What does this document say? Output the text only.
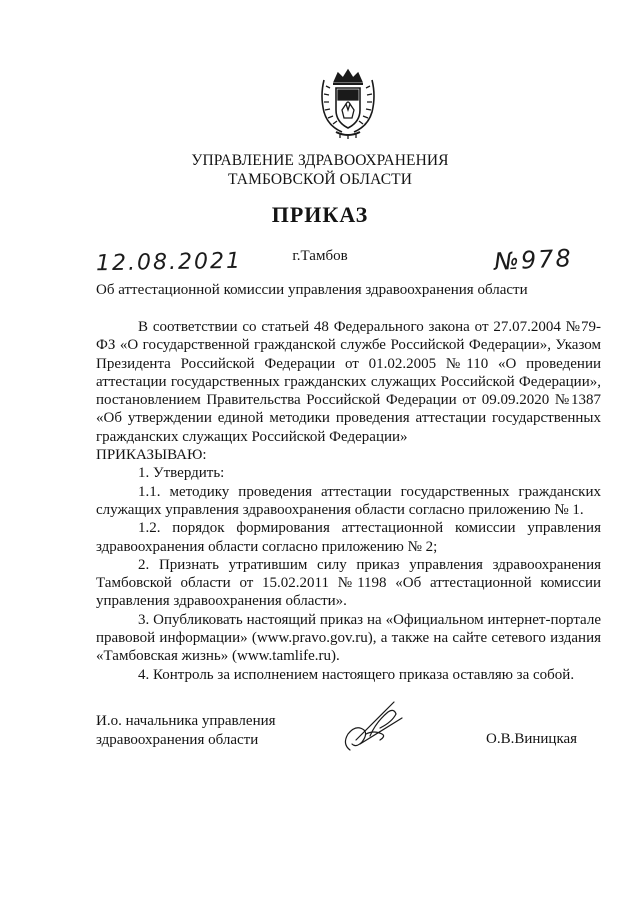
УПРАВЛЕНИЕ ЗДРАВООХРАНЕНИЯ
ТАМБОВСКОЙ ОБЛАСТИ
ПРИКАЗ
12.08.2021	г.Тамбов	№978
Об аттестационной комиссии управления здравоохранения области

В соответствии со статьей 48 Федерального закона от 27.07.2004 №79-ФЗ «О государственной гражданской службе Российской Федерации», Указом Президента Российской Федерации от 01.02.2005 №110 «О проведении аттестации государственных гражданских служащих Российской Федерации», постановлением Правительства Российской Федерации от 09.09.2020 №1387 «Об утверждении единой методики проведения аттестации государственных гражданских служащих Российской Федерации»

ПРИКАЗЫВАЮ:

1. Утвердить:

1.1. методику проведения аттестации государственных гражданских служащих управления здравоохранения области согласно приложению № 1.

1.2. порядок формирования аттестационной комиссии управления здравоохранения области согласно приложению № 2;

2. Признать утратившим силу приказ управления здравоохранения Тамбовской области от 15.02.2011 №1198 «Об аттестационной комиссии управления здравоохранения области».

3. Опубликовать настоящий приказ на «Официальном интернет-портале правовой информации» (www.pravo.gov.ru), а также на сайте сетевого издания «Тамбовская жизнь» (www.tamlife.ru).

4. Контроль за исполнением настоящего приказа оставляю за собой.

И.о. начальника управления
здравоохранения области	О.В.Виницкая
